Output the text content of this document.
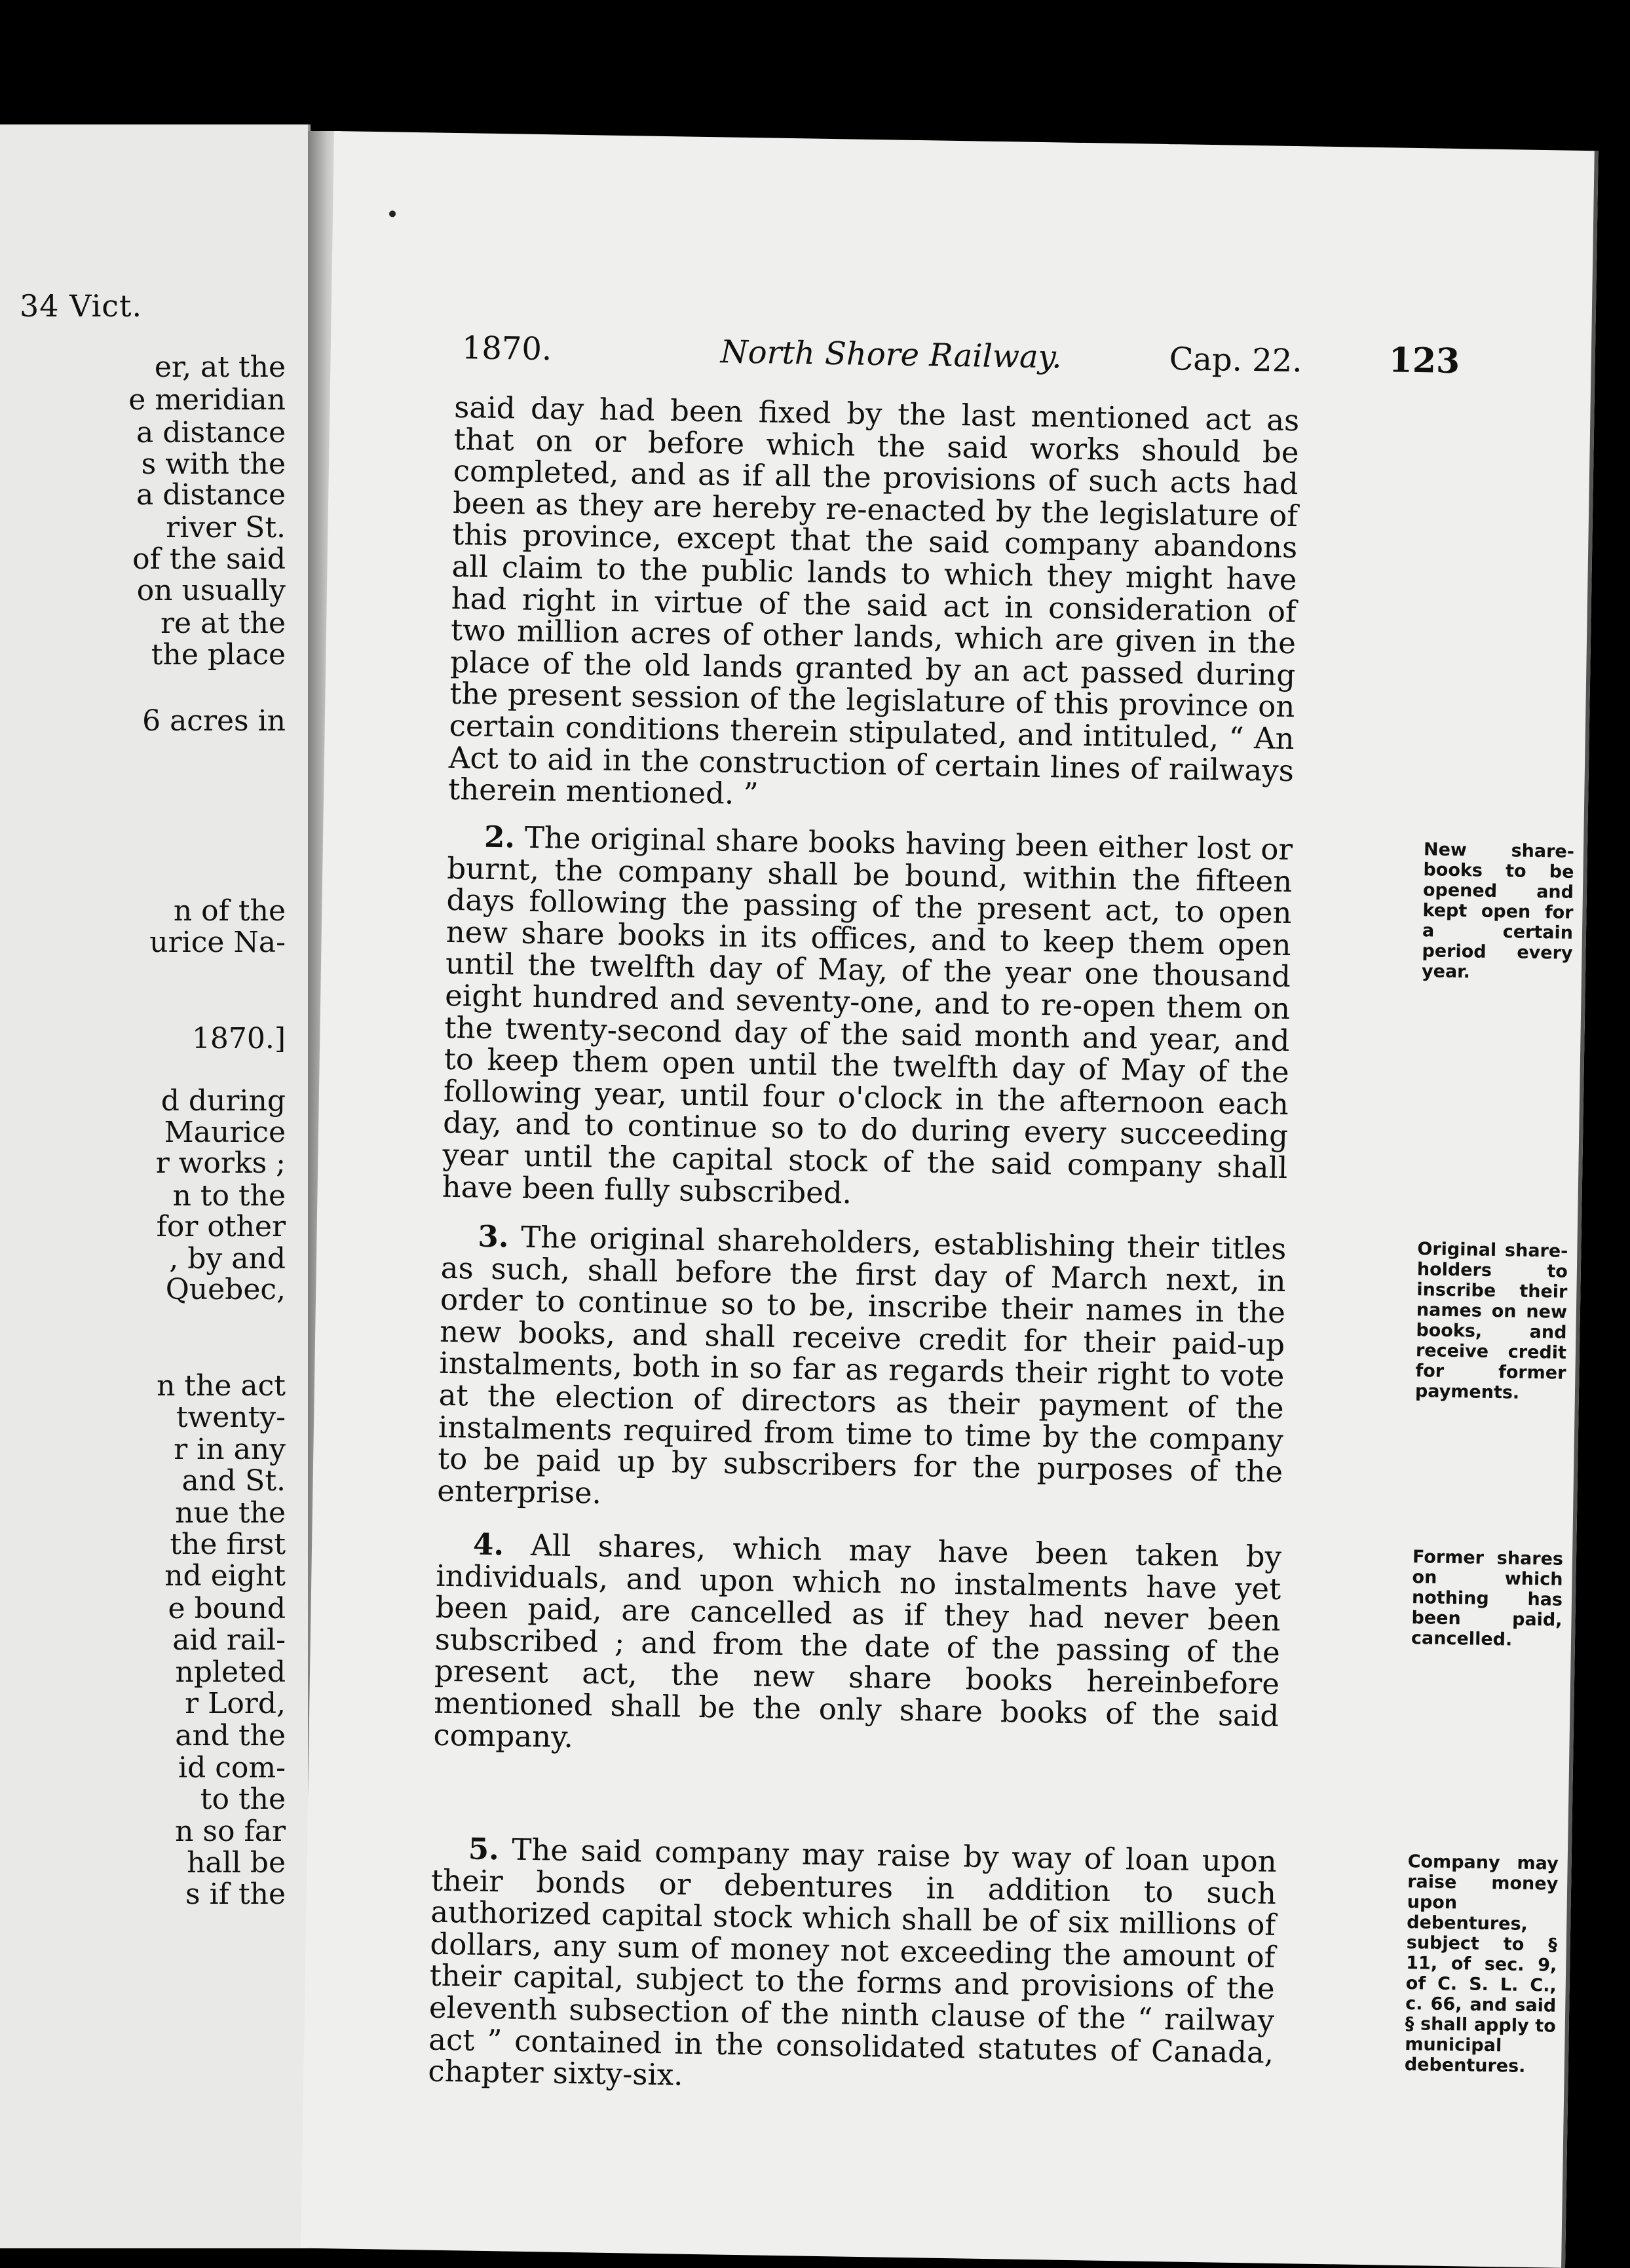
34 Vict.
er, at the
e meridian
a distance
s with the
a distance
river St.
of the said
on usually
re at the
the place
6 acres in
n of the
urice Na-
1870.]
d during
Maurice
r works ;
n to the
for other
, by and
Quebec,
n the act
twenty-
r in any
and St.
nue the
the first
nd eight
e bound
aid rail-
npleted
r Lord,
and the
id com-
to the
n so far
hall be
s if the
1870.	North Shore Railway.	Cap. 22.	123

said day had been fixed by the last mentioned act as that on or before which the said works should be completed, and as if all the provisions of such acts had been as they are hereby re-enacted by the legislature of this province, except that the said company abandons all claim to the public lands to which they might have had right in virtue of the said act in consideration of two million acres of other lands, which are given in the place of the old lands granted by an act passed during the present session of the legislature of this province on certain conditions therein stipulated, and intituled, “ An Act to aid in the construction of certain lines of railways therein mentioned. ”

2. The original share books having been either lost or burnt, the company shall be bound, within the fifteen days following the passing of the present act, to open new share books in its offices, and to keep them open until the twelfth day of May, of the year one thousand eight hundred and seventy-one, and to re-open them on the twenty-second day of the said month and year, and to keep them open until the twelfth day of May of the following year, until four o'clock in the afternoon each day, and to continue so to do during every succeeding year until the capital stock of the said company shall have been fully subscribed.

3. The original shareholders, establishing their titles as such, shall before the first day of March next, in order to continue so to be, inscribe their names in the new books, and shall receive credit for their paid-up instalments, both in so far as regards their right to vote at the election of directors as their payment of the instalments required from time to time by the company to be paid up by subscribers for the purposes of the enterprise.

4. All shares, which may have been taken by individuals, and upon which no instalments have yet been paid, are cancelled as if they had never been subscribed ; and from the date of the passing of the present act, the new share books hereinbefore mentioned shall be the only share books of the said company.

5. The said company may raise by way of loan upon their bonds or debentures in addition to such authorized capital stock which shall be of six millions of dollars, any sum of money not exceeding the amount of their capital, subject to the forms and provisions of the eleventh subsection of the ninth clause of the “ railway act ” contained in the consolidated statutes of Canada, chapter sixty-six.

New share-books to be opened and kept open for a certain period every year.
Original share-holders to inscribe their names on new books, and receive credit for former payments.
Former shares on which nothing has been paid, cancelled.
Company may raise money upon debentures, subject to § 11, of sec. 9, of C. S. L. C., c. 66, and said § shall apply to municipal debentures.
